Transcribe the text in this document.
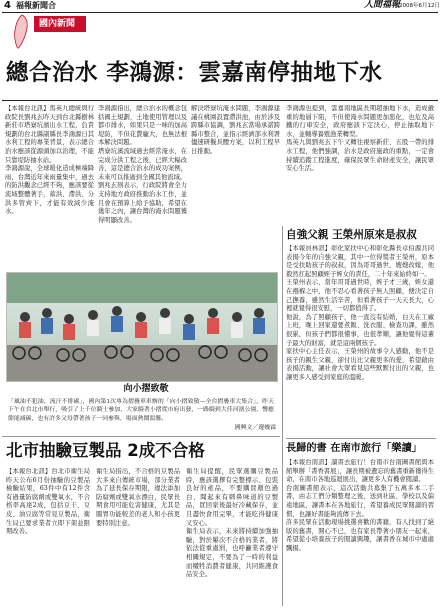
4 福報新聞合	人間福報
2008年6月12日
國內新聞
總合治水 李鴻源：雲嘉南停抽地下水

【本報台北訊】馬英九總統與行政院長劉兆玄昨天到台北縣樹林新莊市塔寮坑濱出水工程，負責規劃的台北縣副縣長李鴻源日其水利工程的專業背景，表示總合治水應該從源頭加以治理，不能只靠堤防抽水站。

李鴻源說，全球暖化造成極端降雨，台灣近年來雨量集中，過去的防洪觀念已經不夠，應該要從流域整體著手，蓄洪、滯洪、分洪多管齊下，才能有效減少淹水。

李鴻源指出，總合治水的概念包括國土規劃、土地使用管理以及都市排水，如果只是一味的加高堤防，不但花費龐大，也無法根本解決問題。

塔寮坑溪流域過去經常淹水，在完成分洪工程之後，已經大幅改善，這是總合治水的成功案例，未來可以推廣到全國其他流域。

劉兆玄則表示，行政院將會全力支持地方政府推動治水工作，並且會在預算上給予協助，希望在幾年之內，讓台灣的淹水問題獲得明顯改善。

解決塔寮坑淹水問題，李鴻源建議在桃園設置滯洪池，由於涉及跨縣市協調，劉兆玄當場承諾跨縣市整合，並指示經濟部水利署儘速研擬具體方案，以利工程早日推動。

李鴻源也提到，雲嘉南地區長期超抽地下水，造成嚴重的地層下陷，不但使淹水問題更加惡化，也危及高鐵的行車安全，政府應該下定決心，停止抽取地下水，並輔導養殖漁業轉型。

馬英九與劉兆玄下午又轉往視察新莊、五股一帶的排水工程，他們強調，治水是政府施政的重點，一定會持續追蹤工程進度，確保民眾生命財產安全，讓民眾安心生活。

向小摺致敬
「風油不犯油，流汗不排碳」，國內第1次專為摺疊車車辦的「向小摺致敬—全台摺疊車大集合」，昨天下午在台北市舉行，吸引了上千位騎士參加，大家騎著小摺從市府出發，一路騎到大佳河濱公園，響應節能減碳，也有許多父母帶著孩子一同參與，場面熱鬧溫馨。
國興文／邊嫚霖
自強父親 王榮州原來是叔叔

【本報員林訊】彰化家扶中心和彰化縣長卓伯源共同表揚今年的自強父親，其中一位得獎者王榮州，原本是受扶助孩子的叔叔，因為哥哥過世，嫂嫂改嫁，他毅然扛起照顧姪子姪女的責任，二十年來始終如一。

王榮州表示，當年哥哥過世時，姪子才三歲，姪女還在襁褓之中，他不忍心看著孩子無人照顧，便決定自己撫養，雖然生活辛苦，但看著孩子一天天長大，心裡就覺得很安慰，一切都值得了。

他說，為了照顧孩子，他一直沒有結婚，白天在工廠上班，晚上回家還要煮飯、洗衣服、檢查功課，雖然很累，但孩子們都很懂事，也很孝順，讓他覺得這輩子最大的財富，就是這兩個孩子。

家扶中心主任表示，王榮州的故事令人感動，他不是孩子的親生父親，卻付出比父親更多的愛，希望藉由表揚活動，讓社會大眾看見這些默默付出的父親，也讓更多人感受到家庭的溫暖。

北市抽驗豆製品 2成不合格

【本報台北訊】台北市衛生局昨天公布6月份抽驗的豆製品檢驗結果，63件中有12件含有過量防腐劑或雙氧水，不合格率高達2成，包括豆干、豆皮、油豆腐等常見豆製品，衛生局已要求業者立即下架並限期改善。

衛生局指出，不合格的豆製品大多來自傳統市場，部分業者為了延長保存期限，違法添加防腐劑或雙氧水漂白，民眾長期食用可能危害健康，尤其是腸胃功能較差的老人和小孩更要特別注意。

衛生局提醒，民眾選購豆製品時，應該選擇有完整標示、包裝良好的產品，不要購買顏色過白、聞起來有刺鼻味道的豆製品，買回家後最好冷藏保存，並且盡快食用完畢，才能吃得健康又安心。

衛生局表示，未來將持續加強抽驗，對於屢次不合格的業者，將依法從重處罰，也呼籲業者遵守相關規定，不要為了一時的利益而犧牲消費者健康，共同維護食品安全。

長歸的書 在南市旅行「樂讀」

【本報台南訊】讀書去旅行！台南市台南圖書館與本館舉辦「書香書展」，讓長期被遺忘的舊書重新獲得生命，在南市各地巡迴展出，讓更多人有機會閱讀。

台南圖書館表示，這次活動共募集了五萬多本二手書，由志工們分類整理之後，送到社區、學校以及偏遠地區，讓書本在各地旅行，希望養成民眾閱讀的習慣，也讓好書能夠流傳下去。

許多民眾在活動現場挑選喜歡的書籍，有人找到了絕版的舊書，開心不已，也有家長帶著小朋友一起來，希望從小培養孩子的閱讀興趣，讓書香在城市中處處飄揚。
